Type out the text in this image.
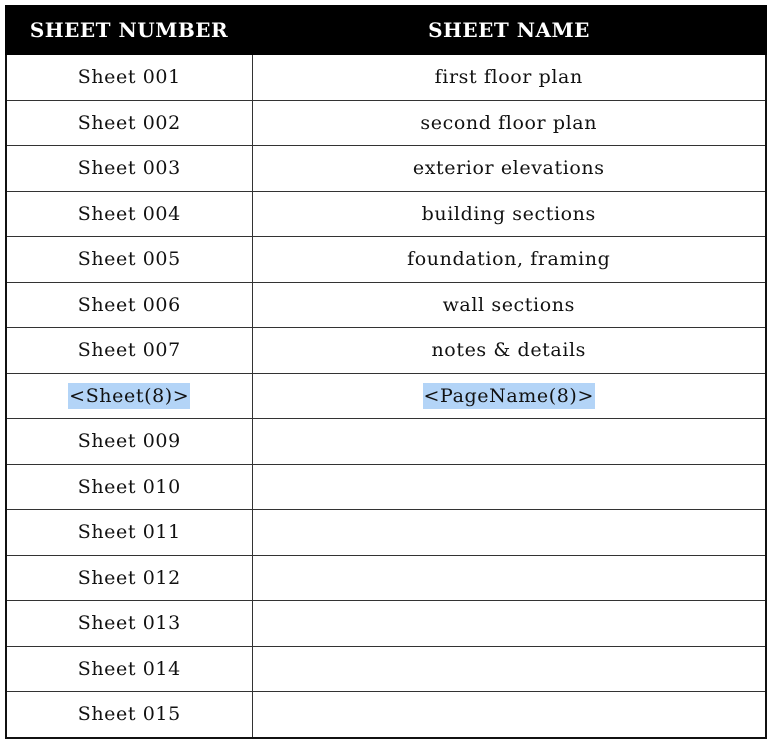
SHEET NUMBER	SHEET NAME
Sheet 001	first floor plan
Sheet 002	second floor plan
Sheet 003	exterior elevations
Sheet 004	building sections
Sheet 005	foundation, framing
Sheet 006	wall sections
Sheet 007	notes & details
<Sheet(8)>	<PageName(8)>
Sheet 009	
Sheet 010	
Sheet 011	
Sheet 012	
Sheet 013	
Sheet 014	
Sheet 015	
